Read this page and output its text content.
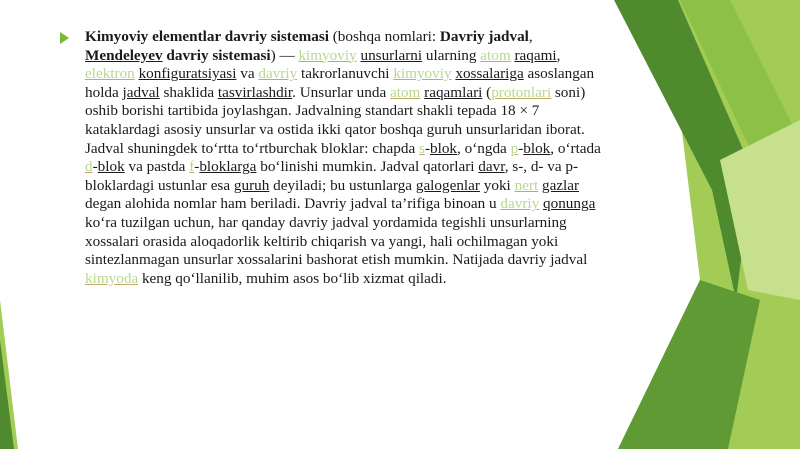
Kimyoviy elementlar davriy sistemasi (boshqa nomlari: Davriy jadval, Mendeleyev davriy sistemasi) — kimyoviy unsurlarni ularning atom raqami, elektron konfiguratsiyasi va davriy takrorlanuvchi kimyoviy xossalariga asoslangan holda jadval shaklida tasvirlashdir. Unsurlar unda atom raqamlari (protonlari soni) oshib borishi tartibida joylashgan. Jadvalning standart shakli tepada 18 × 7 kataklardagi asosiy unsurlar va ostida ikki qator boshqa guruh unsurlaridan iborat. Jadval shuningdek to‘rtta to‘rtburchak bloklar: chapda s-blok, o‘ngda p-blok, o‘rtada d-blok va pastda f-bloklarga bo‘linishi mumkin. Jadval qatorlari davr, s-, d- va p-bloklardagi ustunlar esa guruh deyiladi; bu ustunlarga galogenlar yoki nert gazlar degan alohida nomlar ham beriladi. Davriy jadval ta’rifiga binoan u davriy qonunga ko‘ra tuzilgan uchun, har qanday davriy jadval yordamida tegishli unsurlarning xossalari orasida aloqadorlik keltirib chiqarish va yangi, hali ochilmagan yoki sintezlanmagan unsurlar xossalarini bashorat etish mumkin. Natijada davriy jadval kimyoda keng qo‘llanilib, muhim asos bo‘lib xizmat qiladi.
